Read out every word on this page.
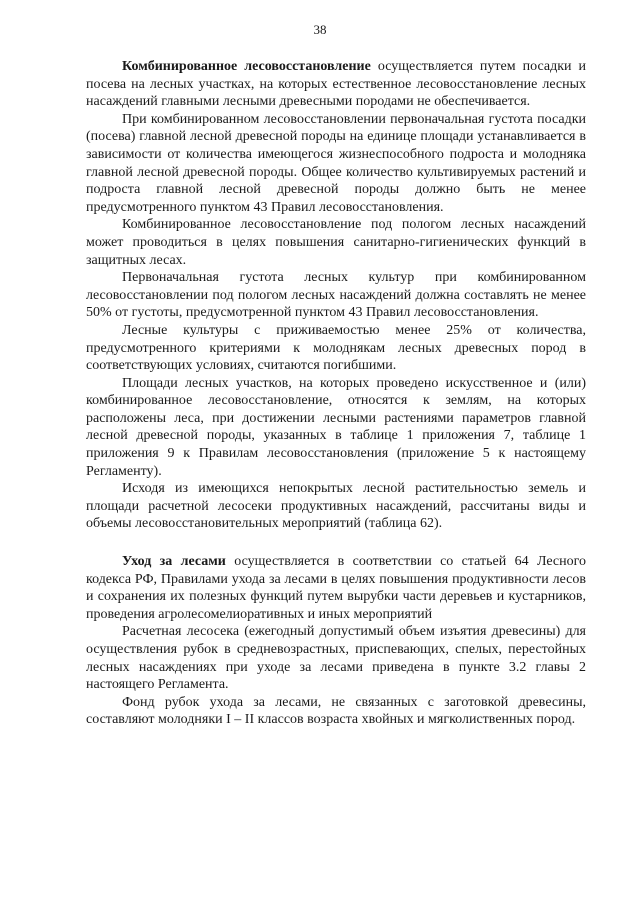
38

Комбинированное лесовосстановление осуществляется путем посадки и посева на лесных участках, на которых естественное лесовосстановление лесных насаждений главными лесными древесными породами не обеспечивается.

При комбинированном лесовосстановлении первоначальная густота посадки (посева) главной лесной древесной породы на единице площади устанавливается в зависимости от количества имеющегося жизнеспособного подроста и молодняка главной лесной древесной породы. Общее количество культивируемых растений и подроста главной лесной древесной породы должно быть не менее предусмотренного пунктом 43 Правил лесовосстановления.

Комбинированное лесовосстановление под пологом лесных насаждений может проводиться в целях повышения санитарно-гигиенических функций в защитных лесах.

Первоначальная густота лесных культур при комбинированном лесовосстановлении под пологом лесных насаждений должна составлять не менее 50% от густоты, предусмотренной пунктом 43 Правил лесовосстановления.

Лесные культуры с приживаемостью менее 25% от количества, предусмотренного критериями к молоднякам лесных древесных пород в соответствующих условиях, считаются погибшими.

Площади лесных участков, на которых проведено искусственное и (или) комбинированное лесовосстановление, относятся к землям, на которых расположены леса, при достижении лесными растениями параметров главной лесной древесной породы, указанных в таблице 1 приложения 7, таблице 1 приложения 9 к Правилам лесовосстановления (приложение 5 к настоящему Регламенту).

Исходя из имеющихся непокрытых лесной растительностью земель и площади расчетной лесосеки продуктивных насаждений, рассчитаны виды и объемы лесовосстановительных мероприятий (таблица 62).

Уход за лесами осуществляется в соответствии со статьей 64 Лесного кодекса РФ, Правилами ухода за лесами в целях повышения продуктивности лесов и сохранения их полезных функций путем вырубки части деревьев и кустарников, проведения агролесомелиоративных и иных мероприятий

Расчетная лесосека (ежегодный допустимый объем изъятия древесины) для осуществления рубок в средневозрастных, приспевающих, спелых, перестойных лесных насаждениях при уходе за лесами приведена в пункте 3.2 главы 2 настоящего Регламента.

Фонд рубок ухода за лесами, не связанных с заготовкой древесины, составляют молодняки I – II классов возраста хвойных и мягколиственных пород.
